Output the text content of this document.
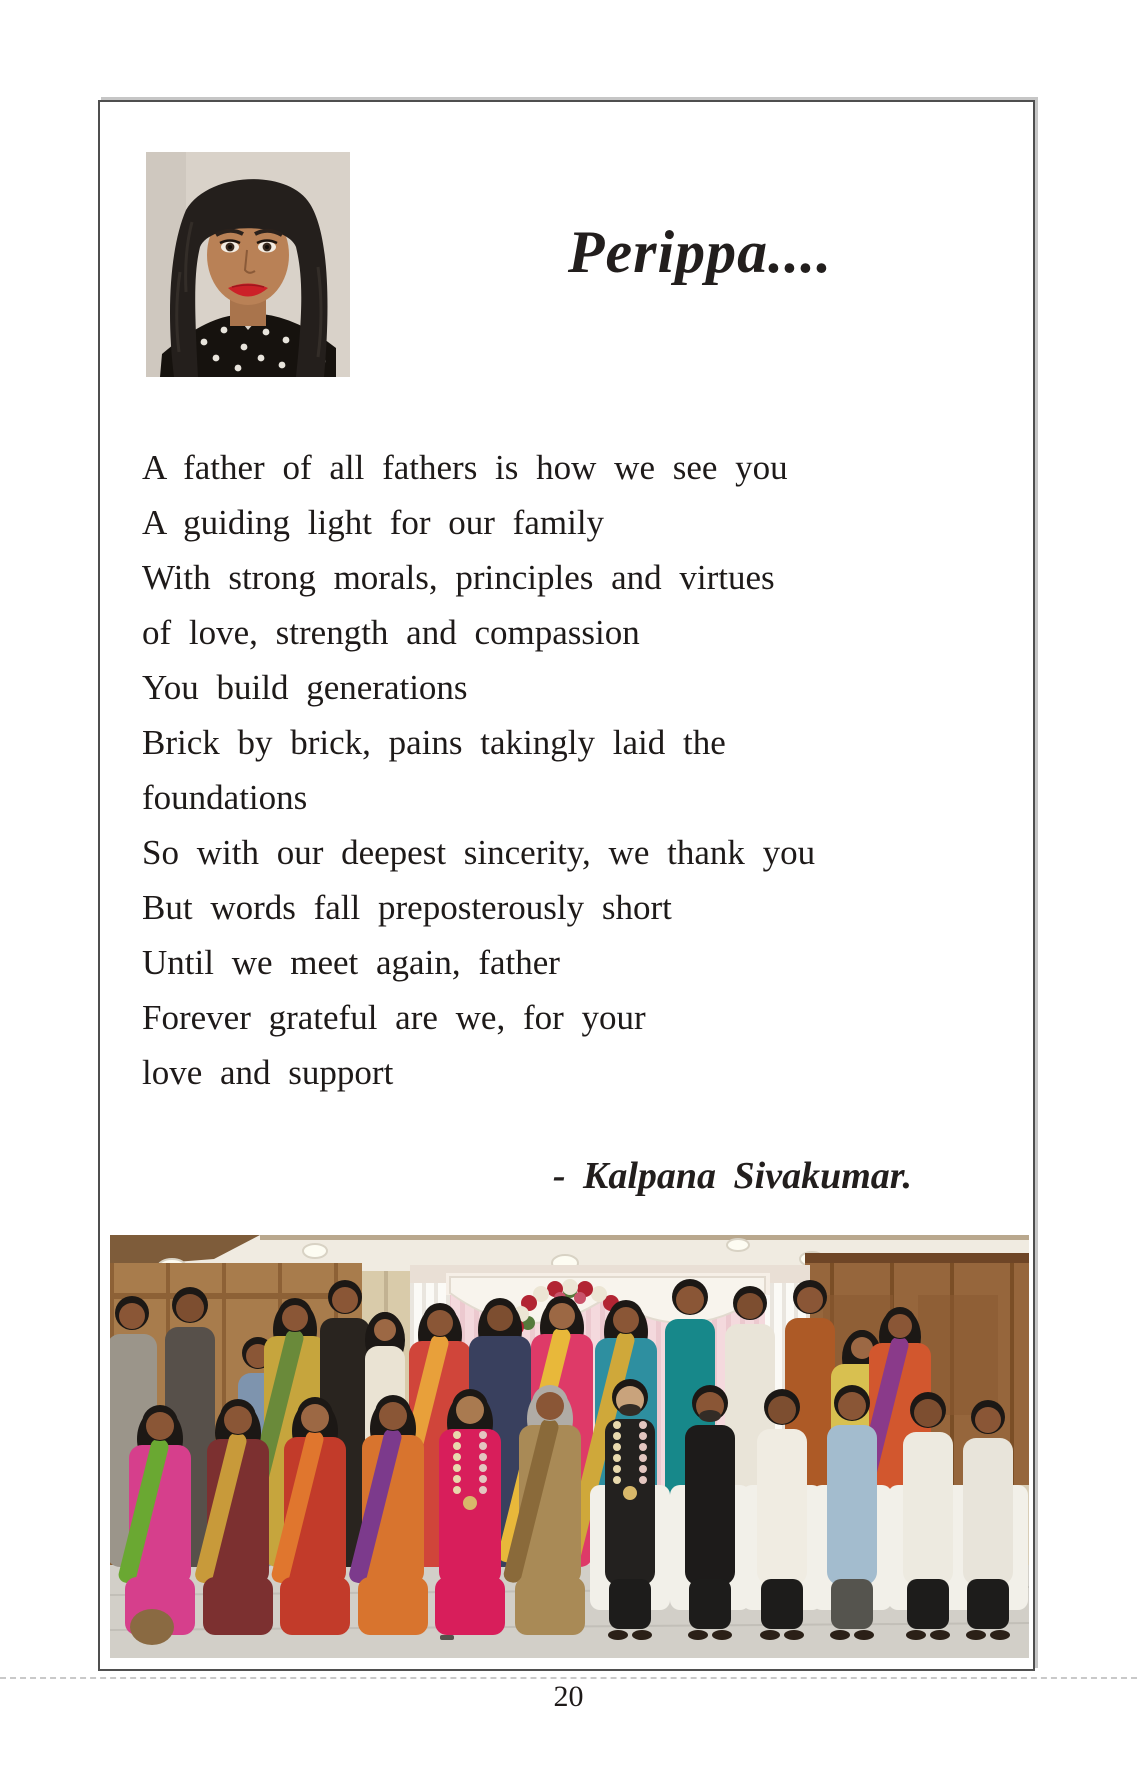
Perippa....
A father of all fathers is how we see you
A guiding light for our family
With strong morals, principles and virtues
of love, strength and compassion
You build generations
Brick by brick, pains takingly laid the
foundations
So with our deepest sincerity, we thank you
But words fall preposterously short
Until we meet again, father
Forever grateful are we, for your
love and support
- Kalpana Sivakumar.
20
